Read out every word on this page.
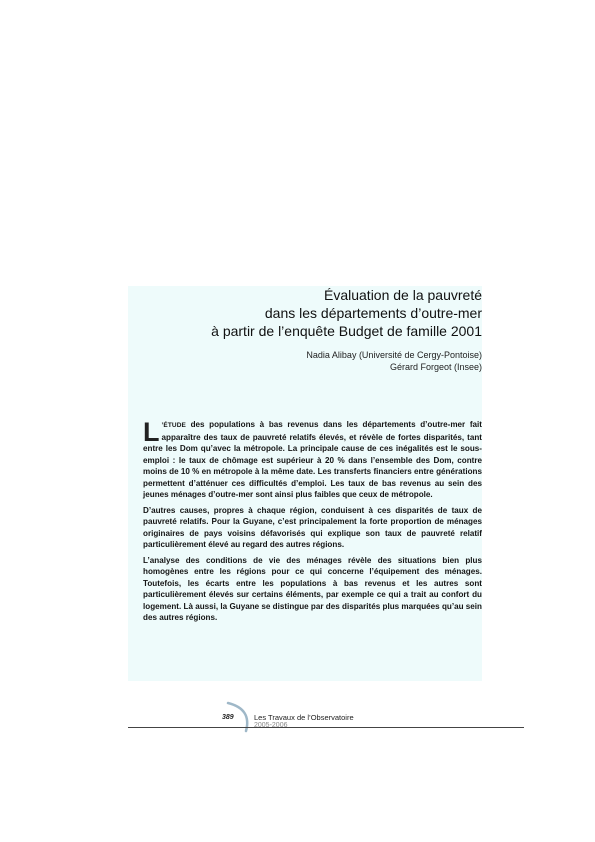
Évaluation de la pauvreté
dans les départements d’outre-mer
à partir de l’enquête Budget de famille 2001
Nadia Alibay (Université de Cergy-Pontoise)
Gérard Forgeot (Insee)

L ’ÉTUDE des populations à bas revenus dans les départements d’outre-mer fait apparaître des taux de pauvreté relatifs élevés, et révèle de fortes disparités, tant entre les Dom qu’avec la métropole. La principale cause de ces inégalités est le sous-emploi : le taux de chômage est supérieur à 20 % dans l’ensemble des Dom, contre moins de 10 % en métropole à la même date. Les transferts financiers entre générations permettent d’atténuer ces difficultés d’emploi. Les taux de bas revenus au sein des jeunes ménages d’outre-mer sont ainsi plus faibles que ceux de métropole.

D’autres causes, propres à chaque région, conduisent à ces disparités de taux de pauvreté relatifs. Pour la Guyane, c’est principalement la forte proportion de ménages originaires de pays voisins défavorisés qui explique son taux de pauvreté relatif particulièrement élevé au regard des autres régions.

L’analyse des conditions de vie des ménages révèle des situations bien plus homogènes entre les régions pour ce qui concerne l’équipement des ménages. Toutefois, les écarts entre les populations à bas revenus et les autres sont particulièrement élevés sur certains éléments, par exemple ce qui a trait au confort du logement. Là aussi, la Guyane se distingue par des disparités plus marquées qu’au sein des autres régions.

389	Les Travaux de l’Observatoire
2005-2006
